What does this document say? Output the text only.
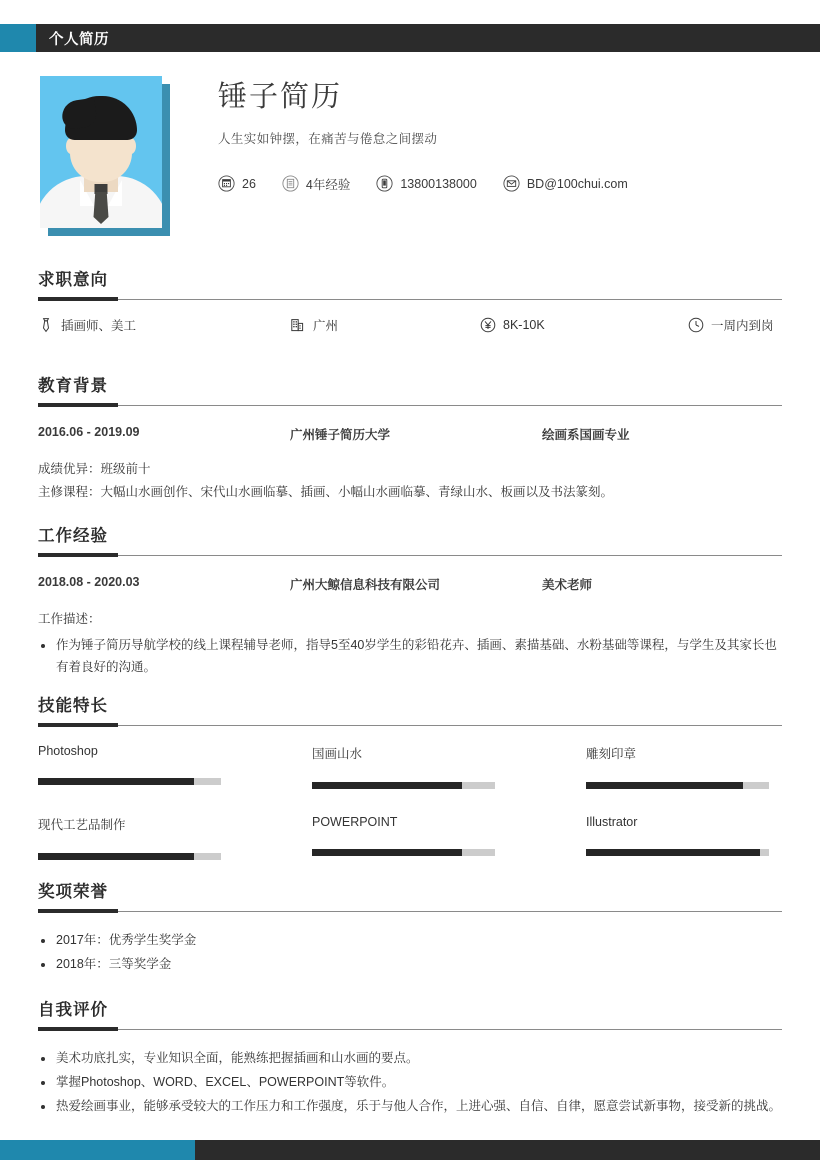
个人简历
锤子简历
人生实如钟摆，在痛苦与倦怠之间摆动
26	4年经验	13800138000	BD@100chui.com
求职意向
插画师、美工	广州	8K-10K	一周内到岗
教育背景
2016.06 - 2019.09	广州锤子简历大学	绘画系国画专业

成绩优异：班级前十

主修课程：大幅山水画创作、宋代山水画临摹、插画、小幅山水画临摹、青绿山水、板画以及书法篆刻。

工作经验
2018.08 - 2020.03	广州大鲸信息科技有限公司	美术老师

工作描述：

作为锤子简历导航学校的线上课程辅导老师，指导5至40岁学生的彩铅花卉、插画、素描基础、水粉基础等课程，与学生及其家长也有着良好的沟通。
技能特长
Photoshop	国画山水	雕刻印章
现代工艺品制作	POWERPOINT	Illustrator
奖项荣誉
2017年：优秀学生奖学金
2018年：三等奖学金
自我评价
美术功底扎实，专业知识全面，能熟练把握插画和山水画的要点。
掌握Photoshop、WORD、EXCEL、POWERPOINT等软件。
热爱绘画事业，能够承受较大的工作压力和工作强度，乐于与他人合作，上进心强、自信、自律，愿意尝试新事物，接受新的挑战。
